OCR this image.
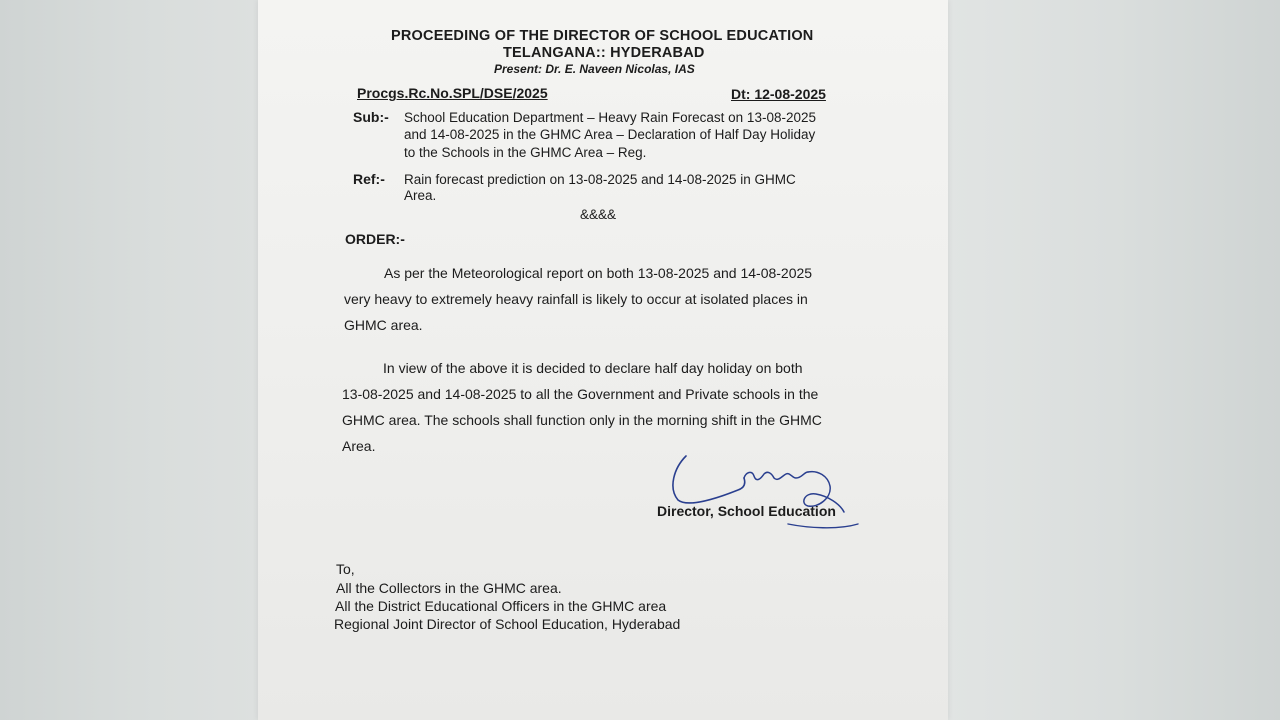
PROCEEDING OF THE DIRECTOR OF SCHOOL EDUCATION
TELANGANA:: HYDERABAD
Present: Dr. E. Naveen Nicolas, IAS
Procgs.Rc.No.SPL/DSE/2025	Dt: 12-08-2025
Sub:- School Education Department – Heavy Rain Forecast on 13-08-2025
and 14-08-2025 in the GHMC Area – Declaration of Half Day Holiday
to the Schools in the GHMC Area – Reg.
Ref:- Rain forecast prediction on 13-08-2025 and 14-08-2025 in GHMC
Area.
&&&&
ORDER:-
As per the Meteorological report on both 13-08-2025 and 14-08-2025
very heavy to extremely heavy rainfall is likely to occur at isolated places in
GHMC area.
In view of the above it is decided to declare half day holiday on both
13-08-2025 and 14-08-2025 to all the Government and Private schools in the
GHMC area. The schools shall function only in the morning shift in the GHMC
Area.
Director, School Education
To,
All the Collectors in the GHMC area.
All the District Educational Officers in the GHMC area
Regional Joint Director of School Education, Hyderabad
